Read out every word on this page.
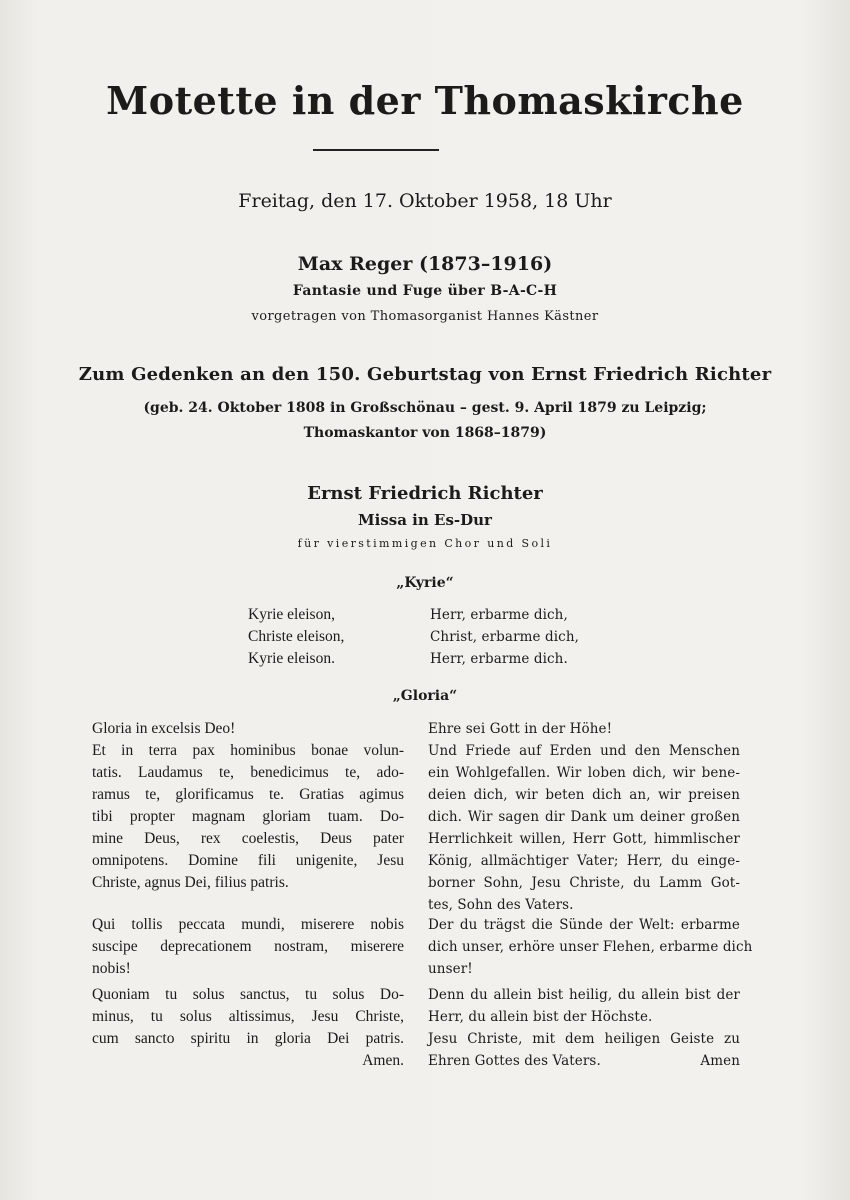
Motette in der Thomaskirche
Freitag, den 17. Oktober 1958, 18 Uhr
Max Reger (1873–1916)
Fantasie und Fuge über B-A-C-H
vorgetragen von Thomasorganist Hannes Kästner
Zum Gedenken an den 150. Geburtstag von Ernst Friedrich Richter
(geb. 24. Oktober 1808 in Großschönau – gest. 9. April 1879 zu Leipzig;
Thomaskantor von 1868–1879)
Ernst Friedrich Richter
Missa in Es-Dur
für vierstimmigen Chor und Soli
„Kyrie“
Kyrie eleison,
Christe eleison,
Kyrie eleison.
Herr, erbarme dich,
Christ, erbarme dich,
Herr, erbarme dich.
„Gloria“
Gloria in excelsis Deo!
Et in terra pax hominibus bonae volun-
tatis. Laudamus te, benedicimus te, ado-
ramus te, glorificamus te. Gratias agimus
tibi propter magnam gloriam tuam. Do-
mine Deus, rex coelestis, Deus pater
omnipotens. Domine fili unigenite, Jesu
Christe, agnus Dei, filius patris.
Ehre sei Gott in der Höhe!
Und Friede auf Erden und den Menschen
ein Wohlgefallen. Wir loben dich, wir bene-
deien dich, wir beten dich an, wir preisen
dich. Wir sagen dir Dank um deiner großen
Herrlichkeit willen, Herr Gott, himmlischer
König, allmächtiger Vater; Herr, du einge-
borner Sohn, Jesu Christe, du Lamm Got-
tes, Sohn des Vaters.
Qui tollis peccata mundi, miserere nobis
suscipe deprecationem nostram, miserere
nobis!
Der du trägst die Sünde der Welt: erbarme
dich unser, erhöre unser Flehen, erbarme dich
unser!
Quoniam tu solus sanctus, tu solus Do-
minus, tu solus altissimus, Jesu Christe,
cum sancto spiritu in gloria Dei patris.
Amen.
Denn du allein bist heilig, du allein bist der
Herr, du allein bist der Höchste.
Jesu Christe, mit dem heiligen Geiste zu
Ehren Gottes des Vaters.	Amen
